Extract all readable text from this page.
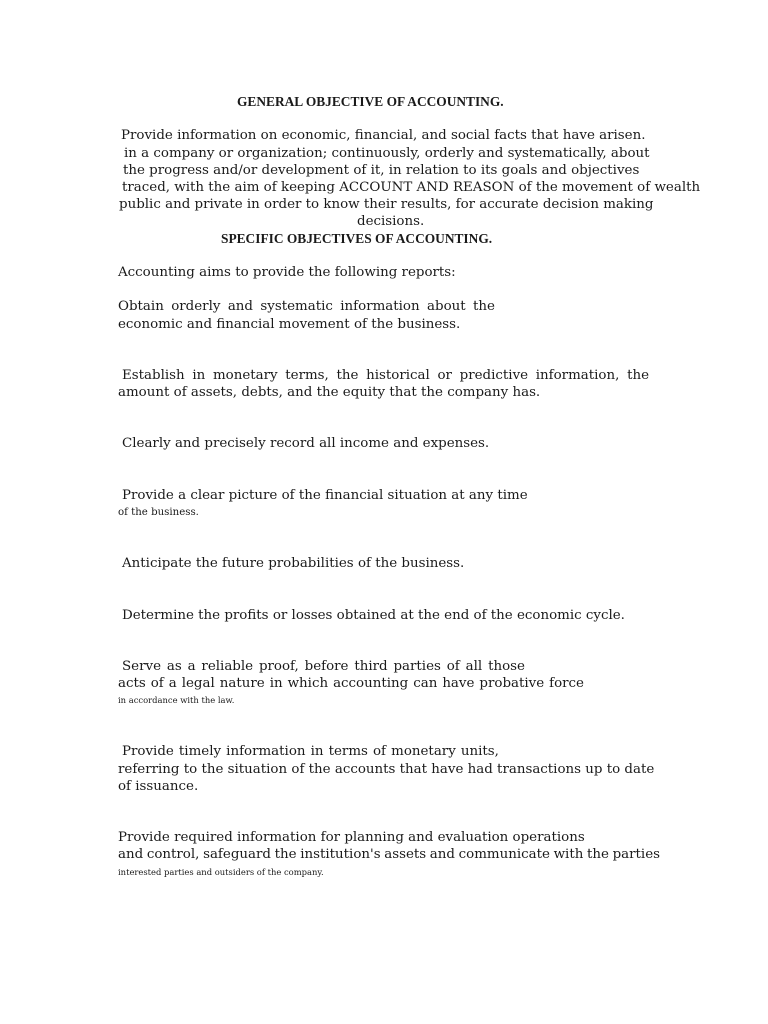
GENERAL OBJECTIVE OF ACCOUNTING.
Provide information on economic, financial, and social facts that have arisen.
in a company or organization; continuously, orderly and systematically, about
the progress and/or development of it, in relation to its goals and objectives
traced, with the aim of keeping ACCOUNT AND REASON of the movement of wealth
public and private in order to know their results, for accurate decision making
decisions.
SPECIFIC OBJECTIVES OF ACCOUNTING.
Accounting aims to provide the following reports:
Obtain orderly and systematic information about the
economic and financial movement of the business.
Establish in monetary terms, the historical or predictive information, the
amount of assets, debts, and the equity that the company has.
Clearly and precisely record all income and expenses.
Provide a clear picture of the financial situation at any time
of the business.
Anticipate the future probabilities of the business.
Determine the profits or losses obtained at the end of the economic cycle.
Serve as a reliable proof, before third parties of all those
acts of a legal nature in which accounting can have probative force
in accordance with the law.
Provide timely information in terms of monetary units,
referring to the situation of the accounts that have had transactions up to date
of issuance.
Provide required information for planning and evaluation operations
and control, safeguard the institution's assets and communicate with the parties
interested parties and outsiders of the company.
